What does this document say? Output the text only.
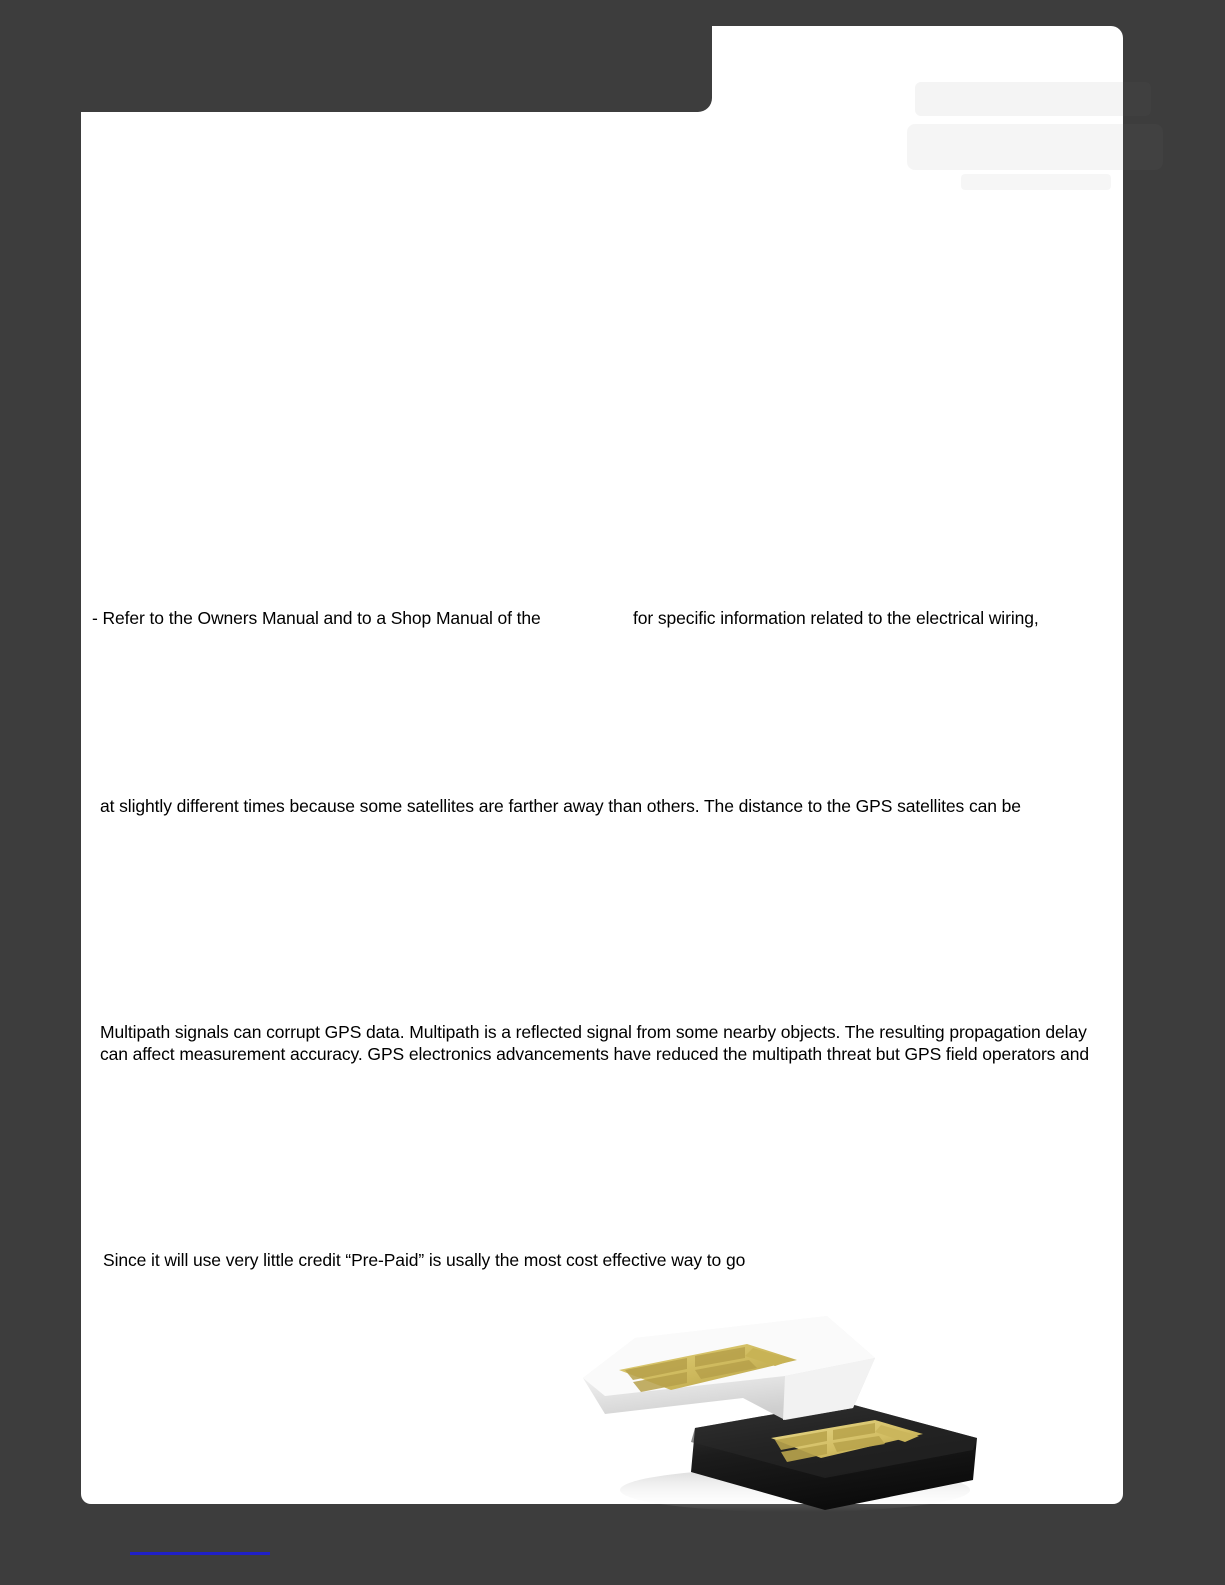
- Refer to the Owners Manual and to a Shop Manual of the	for specific information related to the electrical wiring,
at slightly different times because some satellites are farther away than others. The distance to the GPS satellites can be
Multipath signals can corrupt GPS data. Multipath is a reflected signal from some nearby objects. The resulting propagation delay can affect measurement accuracy. GPS electronics advancements have reduced the multipath threat but GPS field operators and
Since it will use very little credit “Pre-Paid” is usally the most cost effective way to go
